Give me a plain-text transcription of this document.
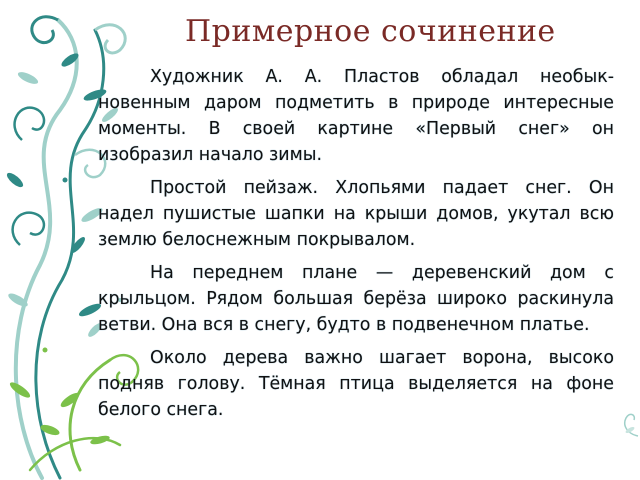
Примерное сочинение

Художник А. А. Пластов обладал необык-новенным даром подметить в природе интересные моменты. В своей картине «Первый снег» он изобразил начало зимы.

Простой пейзаж. Хлопьями падает снег. Он надел пушистые шапки на крыши домов, укутал всю землю белоснежным покрывалом.

На переднем плане — деревенский дом с крыльцом. Рядом большая берёза широко раскинула ветви. Она вся в снегу, будто в подвенечном платье.

Около дерева важно шагает ворона, высоко подняв голову. Тёмная птица выделяется на фоне белого снега.
